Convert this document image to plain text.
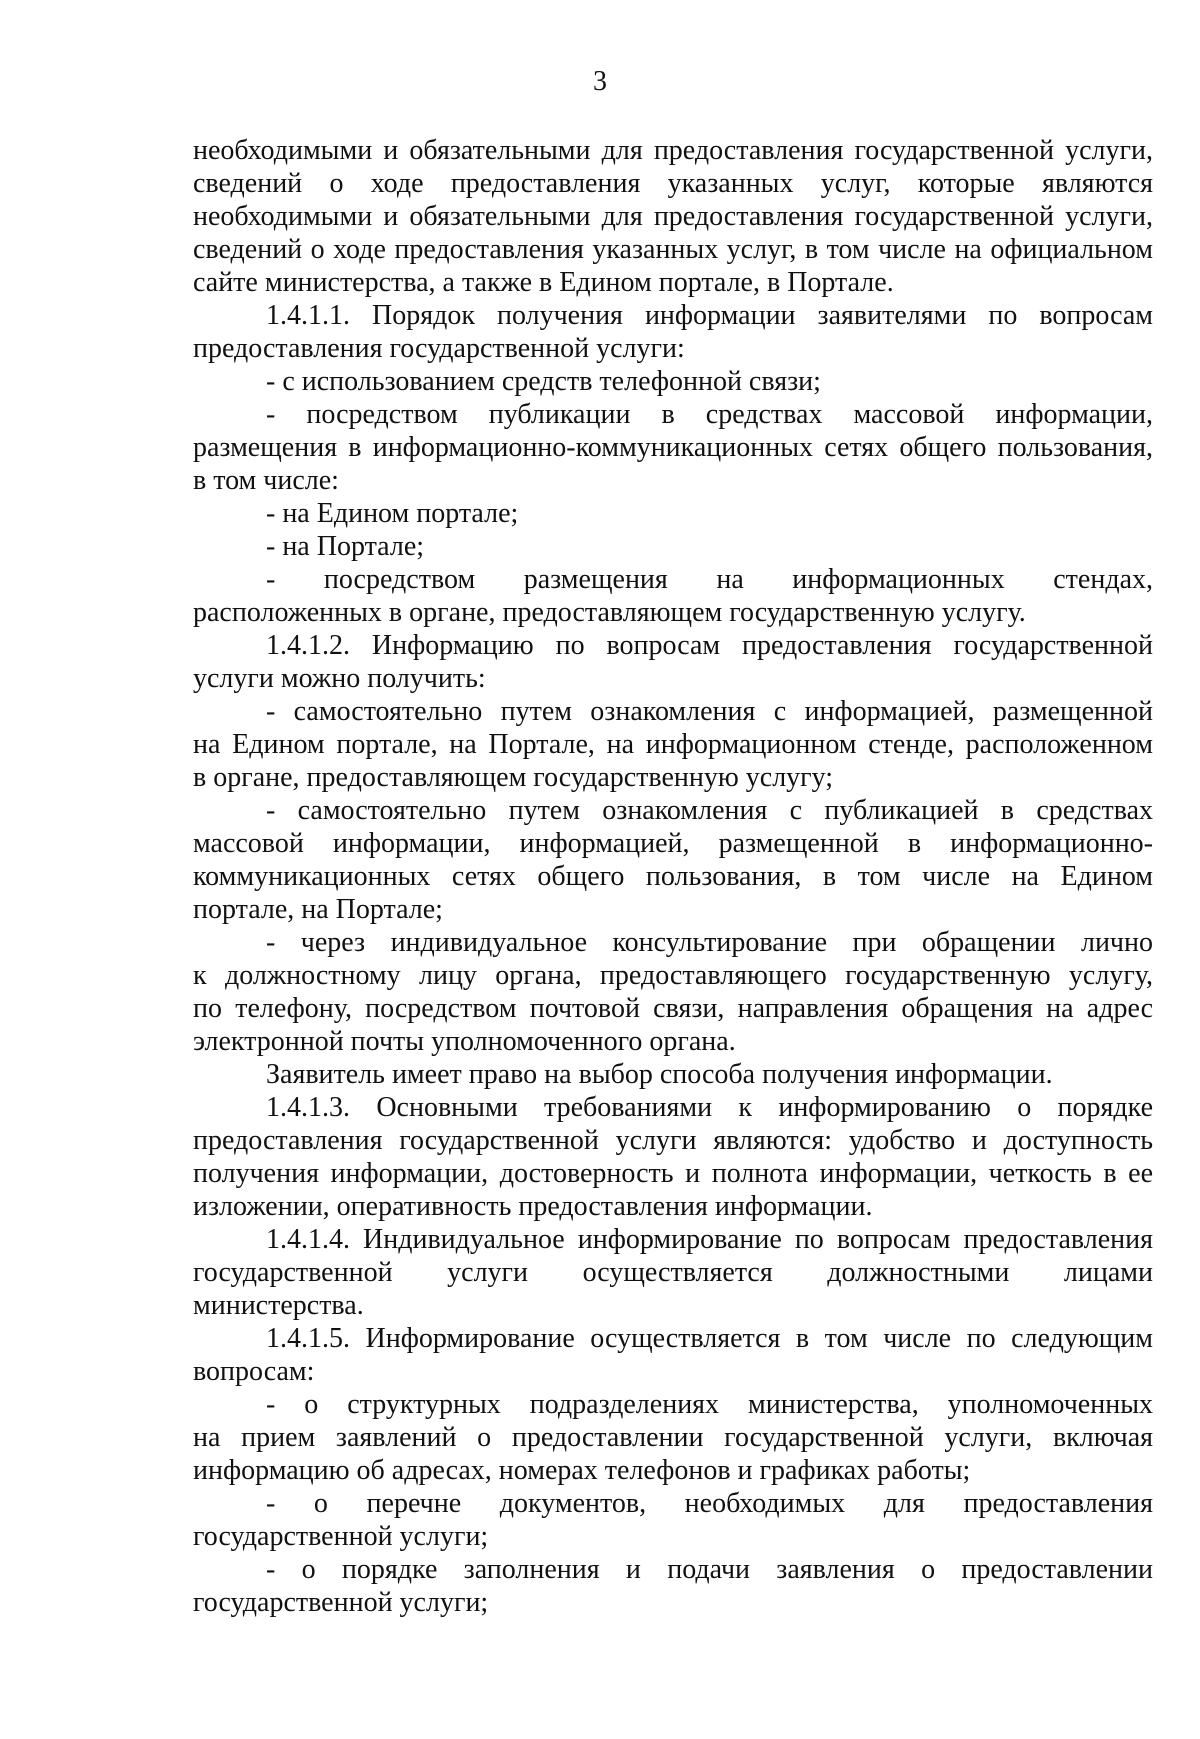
3
необходимыми и обязательными для предоставления государственной услуги,
сведений о ходе предоставления указанных услуг, которые являются
необходимыми и обязательными для предоставления государственной услуги,
сведений о ходе предоставления указанных услуг, в том числе на официальном
сайте министерства, а также в Едином портале, в Портале.
1.4.1.1. Порядок получения информации заявителями по вопросам
предоставления государственной услуги:
- с использованием средств телефонной связи;
- посредством публикации в средствах массовой информации,
размещения в информационно-коммуникационных сетях общего пользования,
в том числе:
- на Едином портале;
- на Портале;
- посредством размещения на информационных стендах,
расположенных в органе, предоставляющем государственную услугу.
1.4.1.2. Информацию по вопросам предоставления государственной
услуги можно получить:
- самостоятельно путем ознакомления с информацией, размещенной
на Едином портале, на Портале, на информационном стенде, расположенном
в органе, предоставляющем государственную услугу;
- самостоятельно путем ознакомления с публикацией в средствах
массовой информации, информацией, размещенной в информационно-
коммуникационных сетях общего пользования, в том числе на Едином
портале, на Портале;
- через индивидуальное консультирование при обращении лично
к должностному лицу органа, предоставляющего государственную услугу,
по телефону, посредством почтовой связи, направления обращения на адрес
электронной почты уполномоченного органа.
Заявитель имеет право на выбор способа получения информации.
1.4.1.3. Основными требованиями к информированию о порядке
предоставления государственной услуги являются: удобство и доступность
получения информации, достоверность и полнота информации, четкость в ее
изложении, оперативность предоставления информации.
1.4.1.4. Индивидуальное информирование по вопросам предоставления
государственной услуги осуществляется должностными лицами
министерства.
1.4.1.5. Информирование осуществляется в том числе по следующим
вопросам:
- о структурных подразделениях министерства, уполномоченных
на прием заявлений о предоставлении государственной услуги, включая
информацию об адресах, номерах телефонов и графиках работы;
- о перечне документов, необходимых для предоставления
государственной услуги;
- о порядке заполнения и подачи заявления о предоставлении
государственной услуги;
